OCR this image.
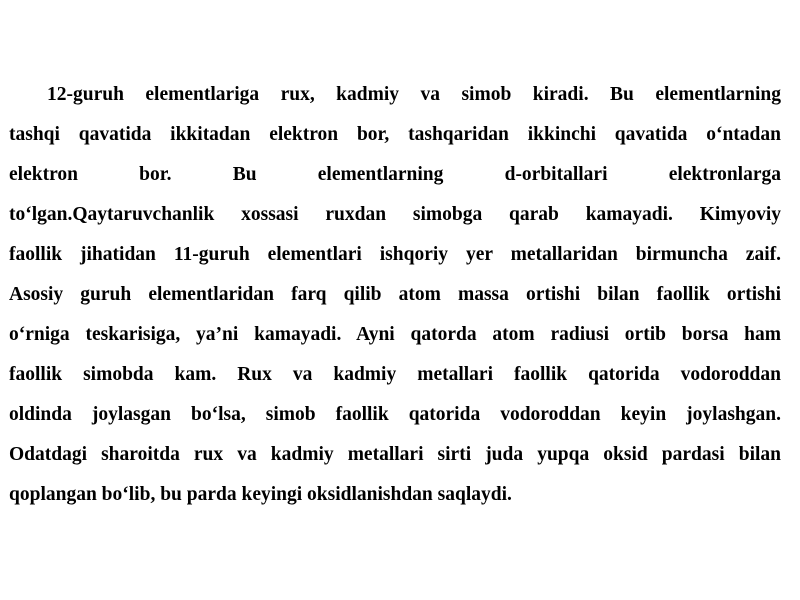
12-guruh elementlariga rux, kadmiy va simob kiradi. Bu elementlarning
tashqi qavatida ikkitadan elektron bor, tashqaridan ikkinchi qavatida o‘ntadan
elektron bor. Bu elementlarning d-orbitallari elektronlarga
to‘lgan.Qaytaruvchanlik xossasi ruxdan simobga qarab kamayadi. Kimyoviy
faollik jihatidan 11-guruh elementlari ishqoriy yer metallaridan birmuncha zaif.
Asosiy guruh elementlaridan farq qilib atom massa ortishi bilan faollik ortishi
o‘rniga teskarisiga, ya’ni kamayadi. Ayni qatorda atom radiusi ortib borsa ham
faollik simobda kam. Rux va kadmiy metallari faollik qatorida vodoroddan
oldinda joylasgan bo‘lsa, simob faollik qatorida vodoroddan keyin joylashgan.
Odatdagi sharoitda rux va kadmiy metallari sirti juda yupqa oksid pardasi bilan
qoplangan bo‘lib, bu parda keyingi oksidlanishdan saqlaydi.
